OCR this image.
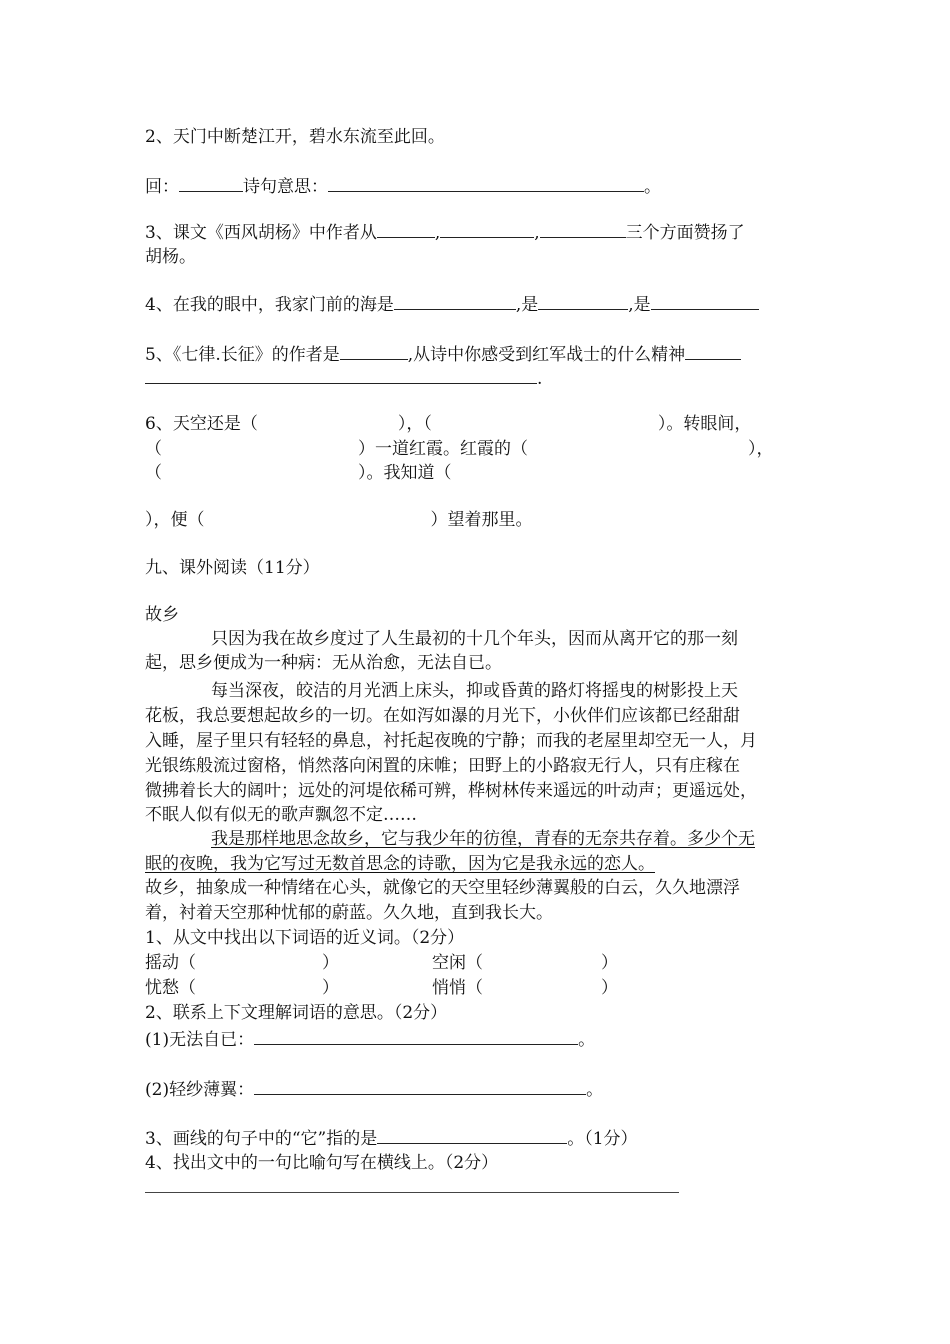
2、天门中断楚江开，碧水东流至此回。
回：	诗句意思：	。
3、课文《西风胡杨》中作者从	,	,	三个方面赞扬了
胡杨。
4、在我的眼中，我家门前的海是	,是	,是
5、《七律.长征》的作者是	,从诗中你感受到红军战士的什么精神
.
6、天空还是（	），（	）。转眼间，
（	）一道红霞。红霞的（	），
（	）。我知道（
），便（	）望着那里。
九、课外阅读（11分）
故乡
只因为我在故乡度过了人生最初的十几个年头，因而从离开它的那一刻
起，思乡便成为一种病：无从治愈，无法自已。
每当深夜，皎洁的月光洒上床头，抑或昏黄的路灯将摇曳的树影投上天
花板，我总要想起故乡的一切。在如泻如瀑的月光下，小伙伴们应该都已经甜甜
入睡，屋子里只有轻轻的鼻息，衬托起夜晚的宁静；而我的老屋里却空无一人，月
光银练般流过窗格，悄然落向闲置的床帷；田野上的小路寂无行人，只有庄稼在
微拂着长大的阔叶；远处的河堤依稀可辨，桦树林传来遥远的叶动声；更遥远处，
不眠人似有似无的歌声飘忽不定……
我是那样地思念故乡，它与我少年的彷徨，青春的无奈共存着。多少个无
眠的夜晚，我为它写过无数首思念的诗歌，因为它是我永远的恋人。
故乡，抽象成一种情绪在心头，就像它的天空里轻纱薄翼般的白云，久久地漂浮
着，衬着天空那种忧郁的蔚蓝。久久地，直到我长大。
1、从文中找出以下词语的近义词。（2分）
摇动（	）	空闲（	）
忧愁（	）	悄悄（	）
2、联系上下文理解词语的意思。（2分）
(1)无法自已：	。
(2)轻纱薄翼：	。
3、画线的句子中的“它”指的是	。（1分）
4、找出文中的一句比喻句写在横线上。（2分）
